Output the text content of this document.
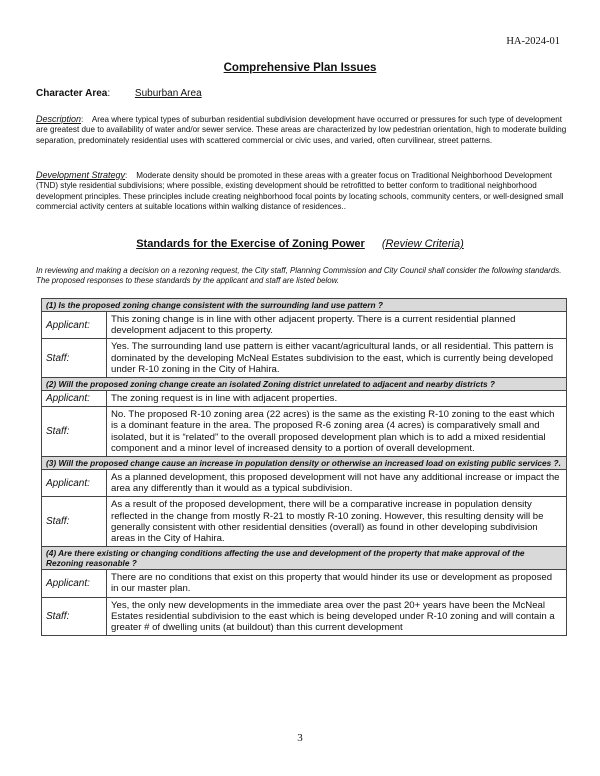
HA-2024-01
Comprehensive Plan Issues
Character Area: Suburban Area
Description: Area where typical types of suburban residential subdivision development have occurred or pressures for such type of development are greatest due to availability of water and/or sewer service. These areas are characterized by low pedestrian orientation, high to moderate building separation, predominately residential uses with scattered commercial or civic uses, and varied, often curvilinear, street patterns.
Development Strategy: Moderate density should be promoted in these areas with a greater focus on Traditional Neighborhood Development (TND) style residential subdivisions; where possible, existing development should be retrofitted to better conform to traditional neighborhood development principles. These principles include creating neighborhood focal points by locating schools, community centers, or well-designed small commercial activity centers at suitable locations within walking distance of residences..
Standards for the Exercise of Zoning Power (Review Criteria)
In reviewing and making a decision on a rezoning request, the City staff, Planning Commission and City Council shall consider the following standards. The proposed responses to these standards by the applicant and staff are listed below.
(1) Is the proposed zoning change consistent with the surrounding land use pattern ?	
Applicant:	This zoning change is in line with other adjacent property. There is a current residential planned development adjacent to this property.
Staff:	Yes. The surrounding land use pattern is either vacant/agricultural lands, or all residential. This pattern is dominated by the developing McNeal Estates subdivision to the east, which is currently being developed under R-10 zoning in the City of Hahira.
(2) Will the proposed zoning change create an isolated Zoning district unrelated to adjacent and nearby districts ?	
Applicant:	The zoning request is in line with adjacent properties.
Staff:	No. The proposed R-10 zoning area (22 acres) is the same as the existing R-10 zoning to the east which is a dominant feature in the area. The proposed R-6 zoning area (4 acres) is comparatively small and isolated, but it is “related” to the overall proposed development plan which is to add a mixed residential component and a minor level of increased density to a portion of overall development.
(3) Will the proposed change cause an increase in population density or otherwise an increased load on existing public services ?.	
Applicant:	As a planned development, this proposed development will not have any additional increase or impact the area any differently than it would as a typical subdivision.
Staff:	As a result of the proposed development, there will be a comparative increase in population density reflected in the change from mostly R-21 to mostly R-10 zoning. However, this resulting density will be generally consistent with other residential densities (overall) as found in other developing subdivision areas in the City of Hahira.
(4) Are there existing or changing conditions affecting the use and development of the property that make approval of the Rezoning reasonable ?	
Applicant:	There are no conditions that exist on this property that would hinder its use or development as proposed in our master plan.
Staff:	Yes, the only new developments in the immediate area over the past 20+ years have been the McNeal Estates residential subdivision to the east which is being developed under R-10 zoning and will contain a greater # of dwelling units (at buildout) than this current development
3
